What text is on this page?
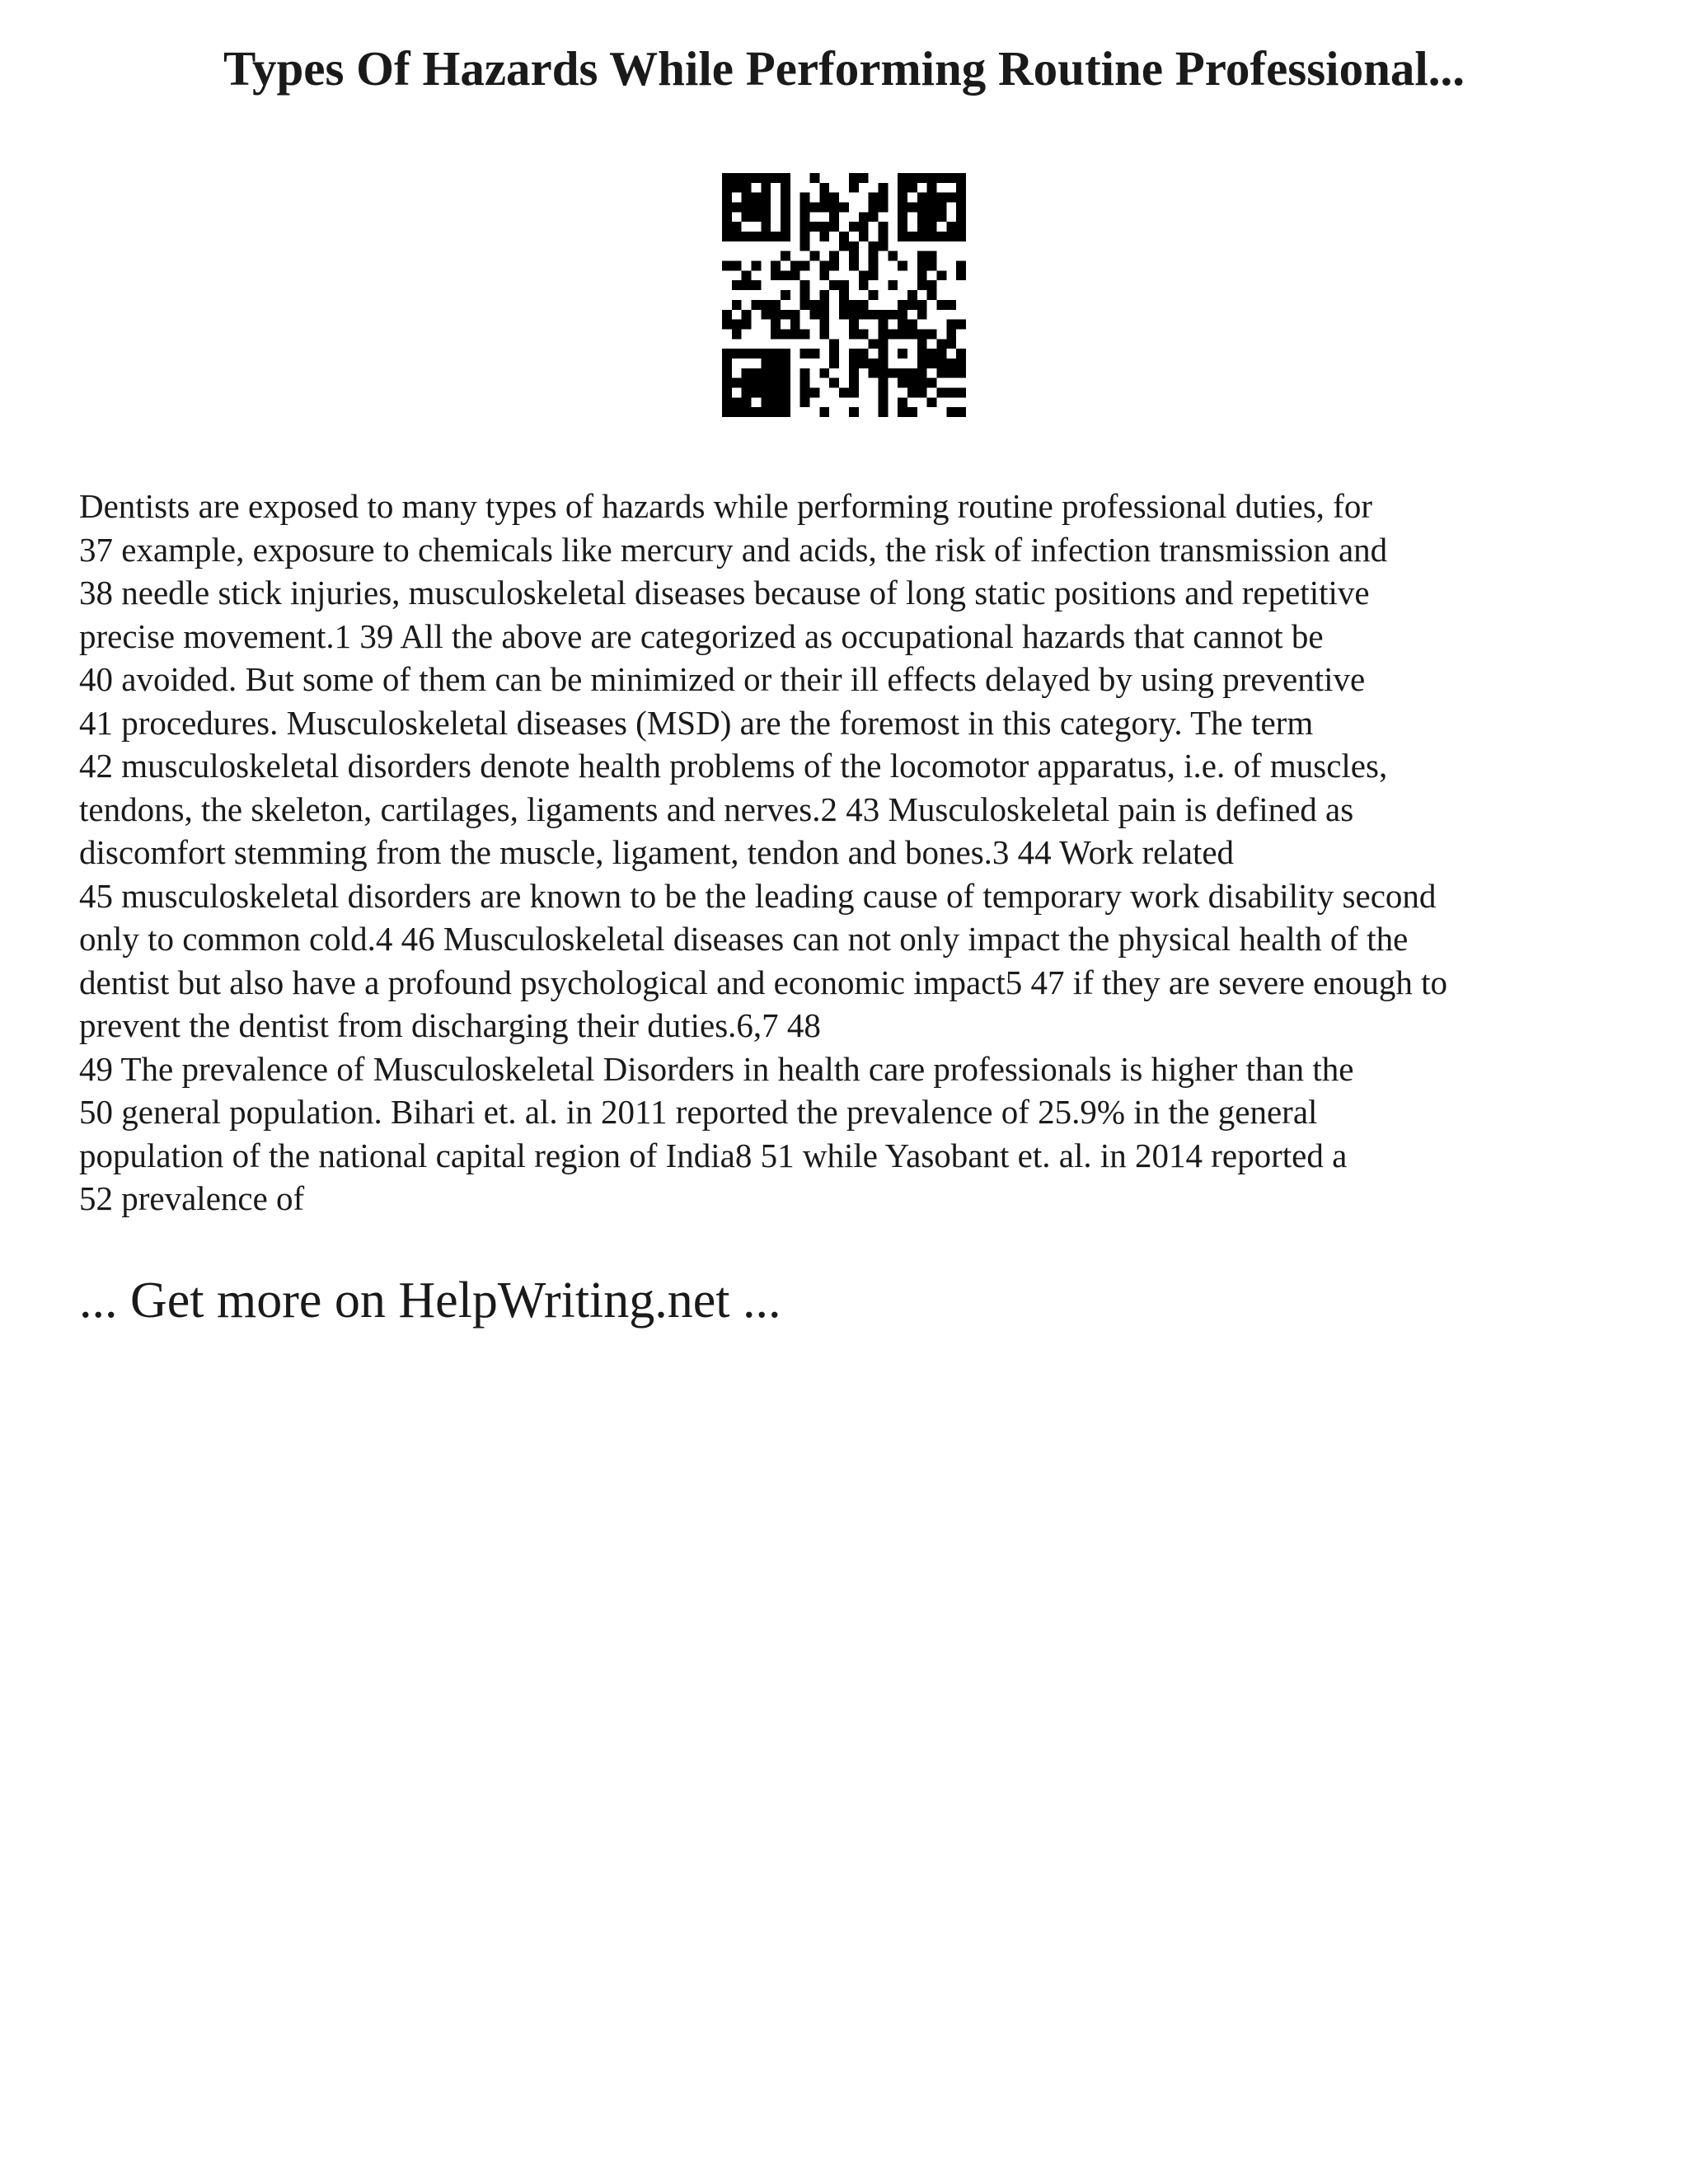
Types Of Hazards While Performing Routine Professional...
Dentists are exposed to many types of hazards while performing routine professional duties, for
37 example, exposure to chemicals like mercury and acids, the risk of infection transmission and
38 needle stick injuries, musculoskeletal diseases because of long static positions and repetitive
precise movement.1 39 All the above are categorized as occupational hazards that cannot be
40 avoided. But some of them can be minimized or their ill effects delayed by using preventive
41 procedures. Musculoskeletal diseases (MSD) are the foremost in this category. The term
42 musculoskeletal disorders denote health problems of the locomotor apparatus, i.e. of muscles,
tendons, the skeleton, cartilages, ligaments and nerves.2 43 Musculoskeletal pain is defined as
discomfort stemming from the muscle, ligament, tendon and bones.3 44 Work related
45 musculoskeletal disorders are known to be the leading cause of temporary work disability second
only to common cold.4 46 Musculoskeletal diseases can not only impact the physical health of the
dentist but also have a profound psychological and economic impact5 47 if they are severe enough to
prevent the dentist from discharging their duties.6,7 48
49 The prevalence of Musculoskeletal Disorders in health care professionals is higher than the
50 general population. Bihari et. al. in 2011 reported the prevalence of 25.9% in the general
population of the national capital region of India8 51 while Yasobant et. al. in 2014 reported a
52 prevalence of

... Get more on HelpWriting.net ...
